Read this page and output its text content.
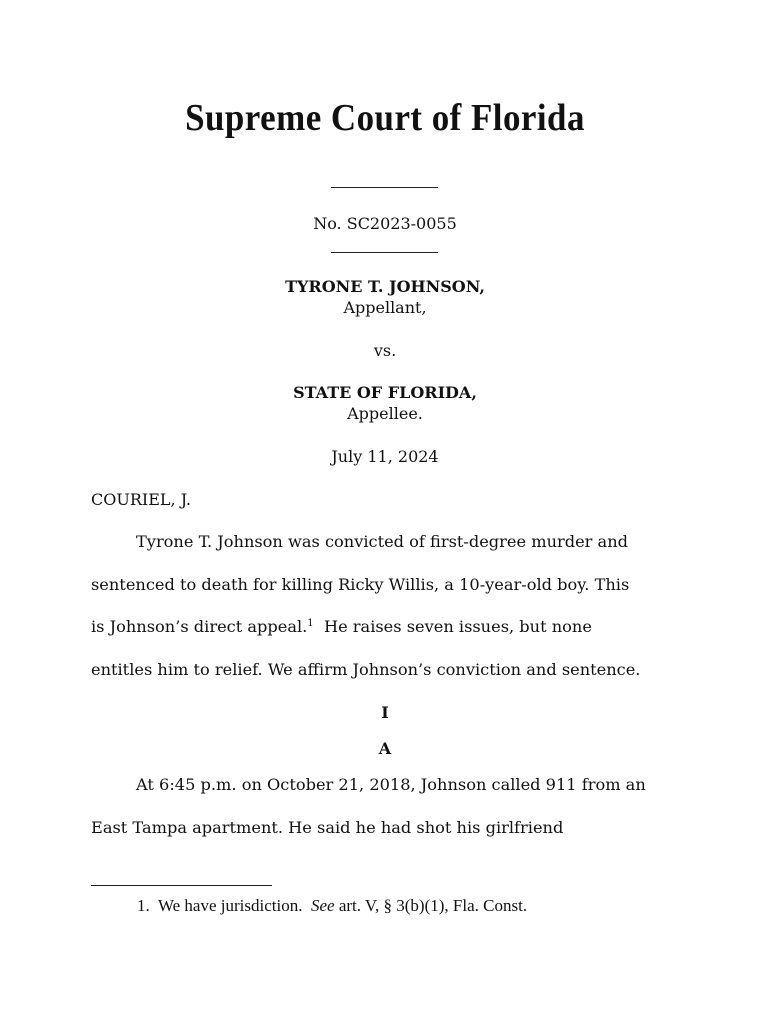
Supreme Court of Florida
No. SC2023-0055
TYRONE T. JOHNSON,
Appellant,
vs.
STATE OF FLORIDA,
Appellee.
July 11, 2024
COURIEL, J.
Tyrone T. Johnson was convicted of first-degree murder and
sentenced to death for killing Ricky Willis, a 10-year-old boy. This
is Johnson’s direct appeal.$^1$  He raises seven issues, but none
entitles him to relief. We affirm Johnson’s conviction and sentence.
I
A
At 6:45 p.m. on October 21, 2018, Johnson called 911 from an
East Tampa apartment. He said he had shot his girlfriend
1. We have jurisdiction. See art. V, § 3(b)(1), Fla. Const.
